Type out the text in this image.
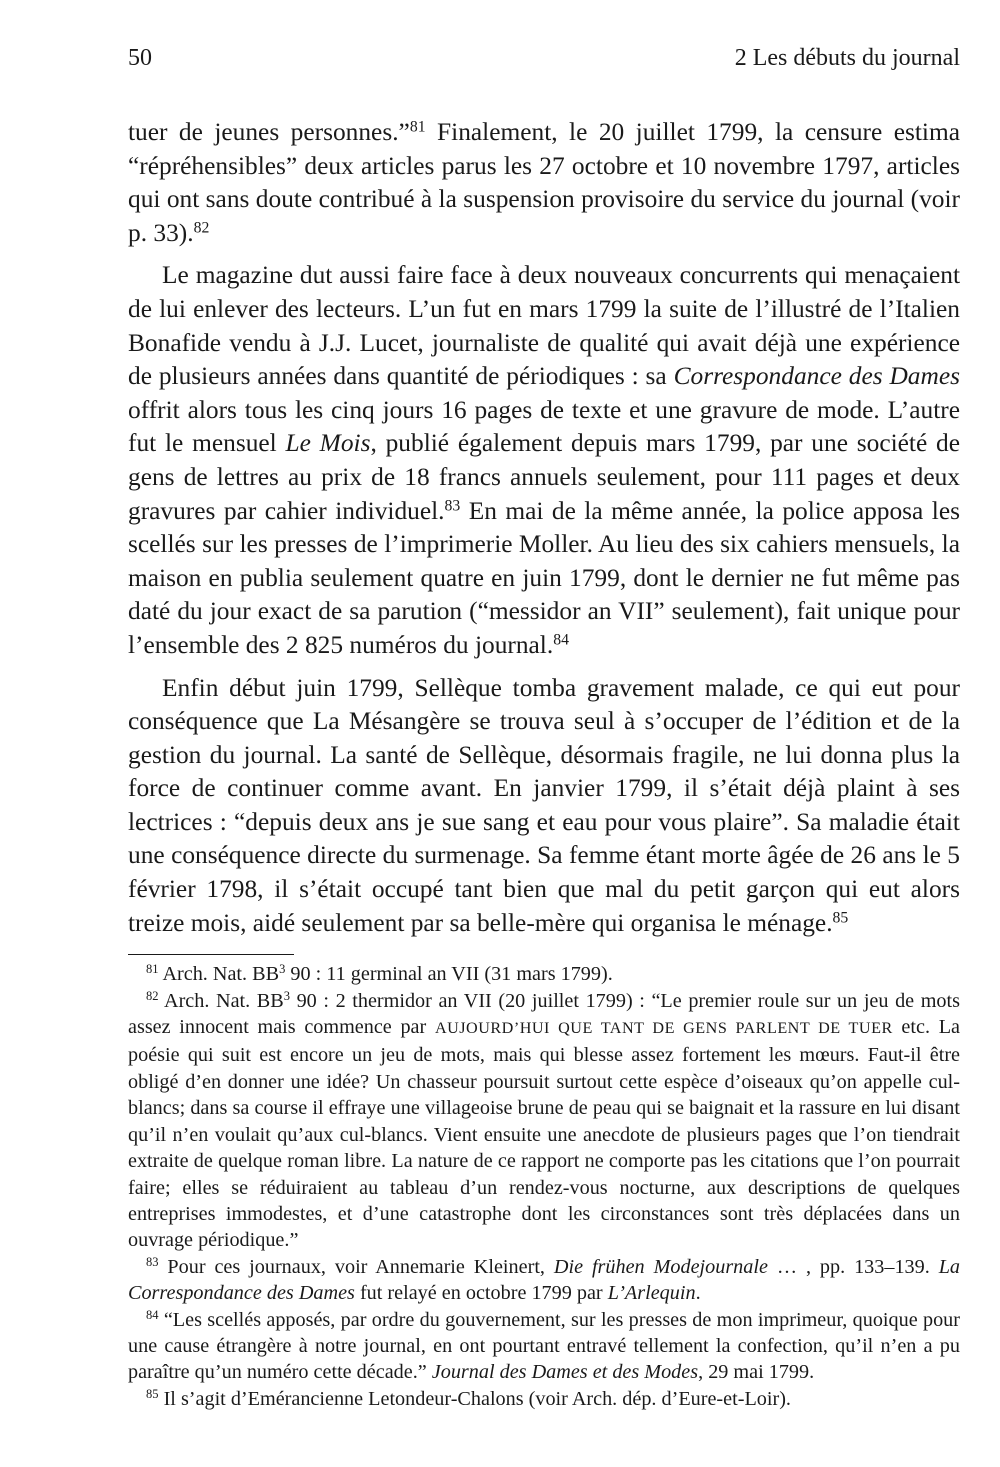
50	2 Les débuts du journal

tuer de jeunes personnes.”$^{81}$ Finalement, le 20 juillet 1799, la censure estima “répréhensibles” deux articles parus les 27 octobre et 10 novembre 1797, articles qui ont sans doute contribué à la suspension provisoire du service du journal (voir p. 33).$^{82}$

Le magazine dut aussi faire face à deux nouveaux concurrents qui menaçaient de lui enlever des lecteurs. L’un fut en mars 1799 la suite de l’illustré de l’Italien Bonafide vendu à J.J. Lucet, journaliste de qualité qui avait déjà une expérience de plusieurs années dans quantité de périodiques : sa Correspondance des Dames offrit alors tous les cinq jours 16 pages de texte et une gravure de mode. L’autre fut le mensuel Le Mois, publié également depuis mars 1799, par une société de gens de lettres au prix de 18 francs annuels seulement, pour 111 pages et deux gravures par cahier individuel.$^{83}$ En mai de la même année, la police apposa les scellés sur les presses de l’imprimerie Moller. Au lieu des six cahiers mensuels, la maison en publia seulement quatre en juin 1799, dont le dernier ne fut même pas daté du jour exact de sa parution (“messidor an VII” seulement), fait unique pour l’ensemble des 2 825 numéros du journal.$^{84}$

Enfin début juin 1799, Sellèque tomba gravement malade, ce qui eut pour conséquence que La Mésangère se trouva seul à s’occuper de l’édition et de la gestion du journal. La santé de Sellèque, désormais fragile, ne lui donna plus la force de continuer comme avant. En janvier 1799, il s’était déjà plaint à ses lectrices : “depuis deux ans je sue sang et eau pour vous plaire”. Sa maladie était une conséquence directe du surmenage. Sa femme étant morte âgée de 26 ans le 5 février 1798, il s’était occupé tant bien que mal du petit garçon qui eut alors treize mois, aidé seulement par sa belle-mère qui organisa le ménage.$^{85}$

$^{81}$ Arch. Nat. $BB^3$ 90 : 11 germinal an VII (31 mars 1799).

$^{82}$ Arch. Nat. $BB^3$ 90 : 2 thermidor an VII (20 juillet 1799) : “Le premier roule sur un jeu de mots assez innocent mais commence par AUJOURD’HUI QUE TANT DE GENS PARLENT DE TUER etc. La poésie qui suit est encore un jeu de mots, mais qui blesse assez fortement les mœurs. Faut-il être obligé d’en donner une idée? Un chasseur poursuit surtout cette espèce d’oiseaux qu’on appelle cul-blancs; dans sa course il effraye une villageoise brune de peau qui se baignait et la rassure en lui disant qu’il n’en voulait qu’aux cul-blancs. Vient ensuite une anecdote de plusieurs pages que l’on tiendrait extraite de quelque roman libre. La nature de ce rapport ne comporte pas les citations que l’on pourrait faire; elles se réduiraient au tableau d’un rendez-vous nocturne, aux descriptions de quelques entreprises immodestes, et d’une catastrophe dont les circonstances sont très déplacées dans un ouvrage périodique.”

$^{83}$ Pour ces journaux, voir Annemarie Kleinert, Die frühen Modejournale … , pp. 133–139. La Correspondance des Dames fut relayé en octobre 1799 par L’Arlequin.

$^{84}$ “Les scellés apposés, par ordre du gouvernement, sur les presses de mon imprimeur, quoique pour une cause étrangère à notre journal, en ont pourtant entravé tellement la confection, qu’il n’en a pu paraître qu’un numéro cette décade.” Journal des Dames et des Modes, 29 mai 1799.

$^{85}$ Il s’agit d’Emérancienne Letondeur-Chalons (voir Arch. dép. d’Eure-et-Loir).
